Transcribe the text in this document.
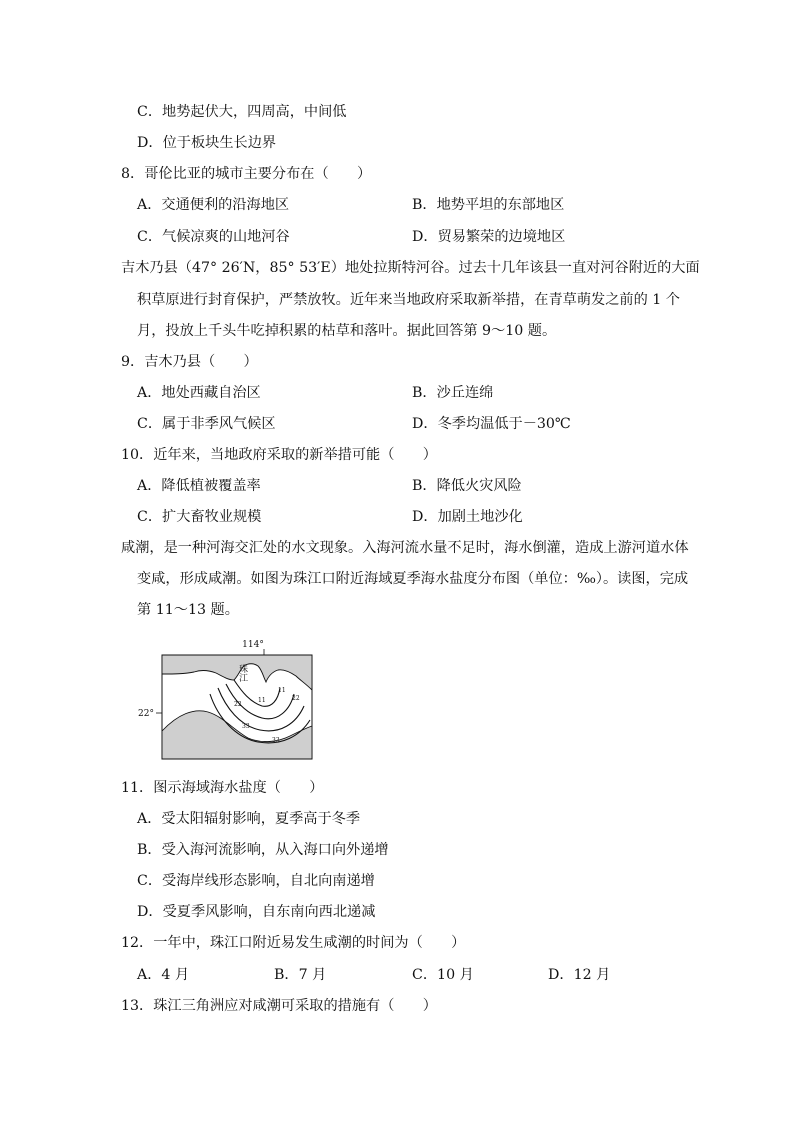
C．地势起伏大，四周高，中间低
D．位于板块生长边界
8．哥伦比亚的城市主要分布在（　　）
A．交通便利的沿海地区	B．地势平坦的东部地区
C．气候凉爽的山地河谷	D．贸易繁荣的边境地区
吉木乃县（47° 26′N，85° 53′E）地处拉斯特河谷。过去十几年该县一直对河谷附近的大面
积草原进行封育保护，严禁放牧。近年来当地政府采取新举措，在青草萌发之前的 1 个
月，投放上千头牛吃掉积累的枯草和落叶。据此回答第 9～10 题。
9．吉木乃县（　　）
A．地处西藏自治区	B．沙丘连绵
C．属于非季风气候区	D．冬季均温低于－30℃
10．近年来，当地政府采取的新举措可能（　　）
A．降低植被覆盖率	B．降低火灾风险
C．扩大畜牧业规模	D．加剧土地沙化
咸潮，是一种河海交汇处的水文现象。入海河流水量不足时，海水倒灌，造成上游河道水体
变咸，形成咸潮。如图为珠江口附近海域夏季海水盐度分布图（单位：‰）。读图，完成
第 11～13 题。
114°
22°
珠江
11
11
22
22
33
33
11．图示海域海水盐度（　　）
A．受太阳辐射影响，夏季高于冬季
B．受入海河流影响，从入海口向外递增
C．受海岸线形态影响，自北向南递增
D．受夏季风影响，自东南向西北递减
12．一年中，珠江口附近易发生咸潮的时间为（　　）
A．4 月	B．7 月	C．10 月	D．12 月
13．珠江三角洲应对咸潮可采取的措施有（　　）
